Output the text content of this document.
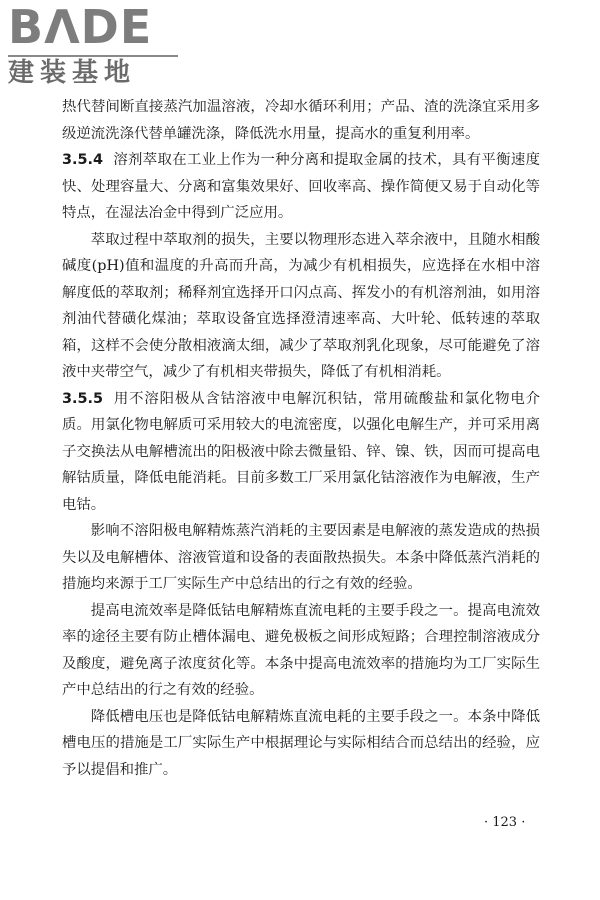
BΛDE
建装基地

热代替间断直接蒸汽加温溶液，冷却水循环利用；产品、渣的洗涤宜采用多级逆流洗涤代替单罐洗涤，降低洗水用量，提高水的重复利用率。

3.5.4 溶剂萃取在工业上作为一种分离和提取金属的技术，具有平衡速度快、处理容量大、分离和富集效果好、回收率高、操作简便又易于自动化等特点，在湿法冶金中得到广泛应用。

萃取过程中萃取剂的损失，主要以物理形态进入萃余液中，且随水相酸碱度(pH)值和温度的升高而升高，为减少有机相损失，应选择在水相中溶解度低的萃取剂；稀释剂宜选择开口闪点高、挥发小的有机溶剂油，如用溶剂油代替磺化煤油；萃取设备宜选择澄清速率高、大叶轮、低转速的萃取箱，这样不会使分散相液滴太细，减少了萃取剂乳化现象，尽可能避免了溶液中夹带空气，减少了有机相夹带损失，降低了有机相消耗。

3.5.5 用不溶阳极从含钴溶液中电解沉积钴，常用硫酸盐和氯化物电介质。用氯化物电解质可采用较大的电流密度，以强化电解生产，并可采用离子交换法从电解槽流出的阳极液中除去微量铅、锌、镍、铁，因而可提高电解钴质量，降低电能消耗。目前多数工厂采用氯化钴溶液作为电解液，生产电钴。

影响不溶阳极电解精炼蒸汽消耗的主要因素是电解液的蒸发造成的热损失以及电解槽体、溶液管道和设备的表面散热损失。本条中降低蒸汽消耗的措施均来源于工厂实际生产中总结出的行之有效的经验。

提高电流效率是降低钴电解精炼直流电耗的主要手段之一。提高电流效率的途径主要有防止槽体漏电、避免极板之间形成短路；合理控制溶液成分及酸度，避免离子浓度贫化等。本条中提高电流效率的措施均为工厂实际生产中总结出的行之有效的经验。

降低槽电压也是降低钴电解精炼直流电耗的主要手段之一。本条中降低槽电压的措施是工厂实际生产中根据理论与实际相结合而总结出的经验，应予以提倡和推广。

· 123 ·
